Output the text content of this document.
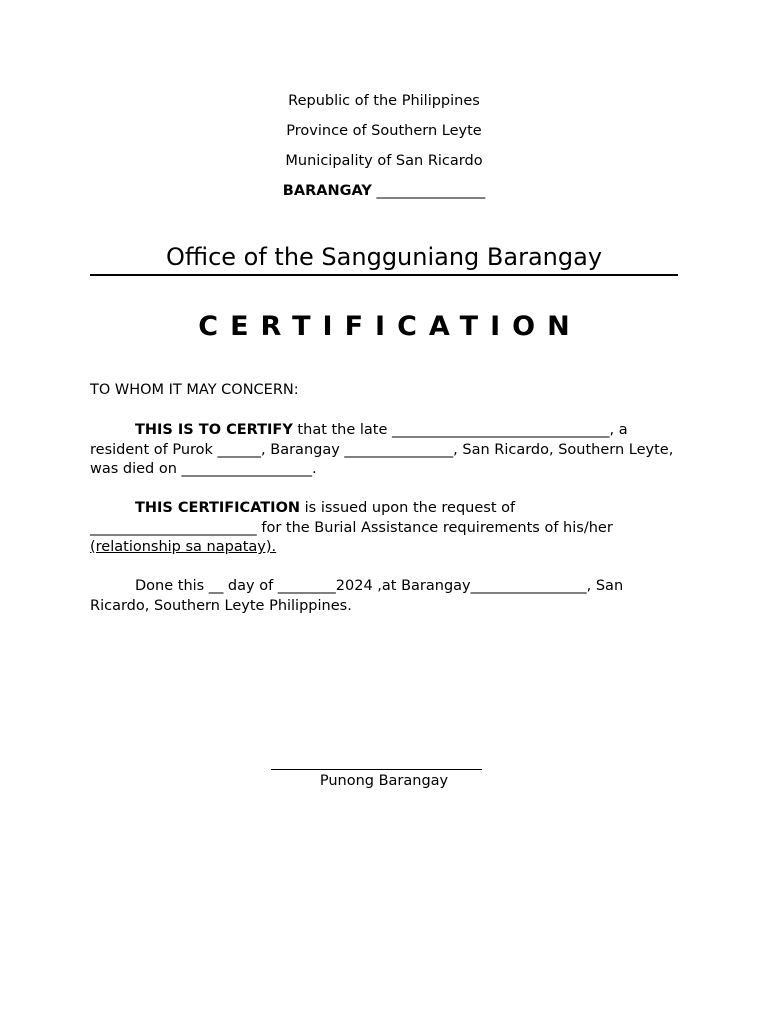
Republic of the Philippines
Province of Southern Leyte
Municipality of San Ricardo
BARANGAY _______________
Office of the Sangguniang Barangay
CERTIFICATION

TO WHOM IT MAY CONCERN:

THIS IS TO CERTIFY that the late ______________________________, a resident of Purok ______, Barangay _______________, San Ricardo, Southern Leyte, was died on __________________.

THIS CERTIFICATION is issued upon the request of _______________________ for the Burial Assistance requirements of his/her (relationship sa napatay).

Done this __ day of ________2024 ,at Barangay________________, San Ricardo, Southern Leyte Philippines.

Punong Barangay
